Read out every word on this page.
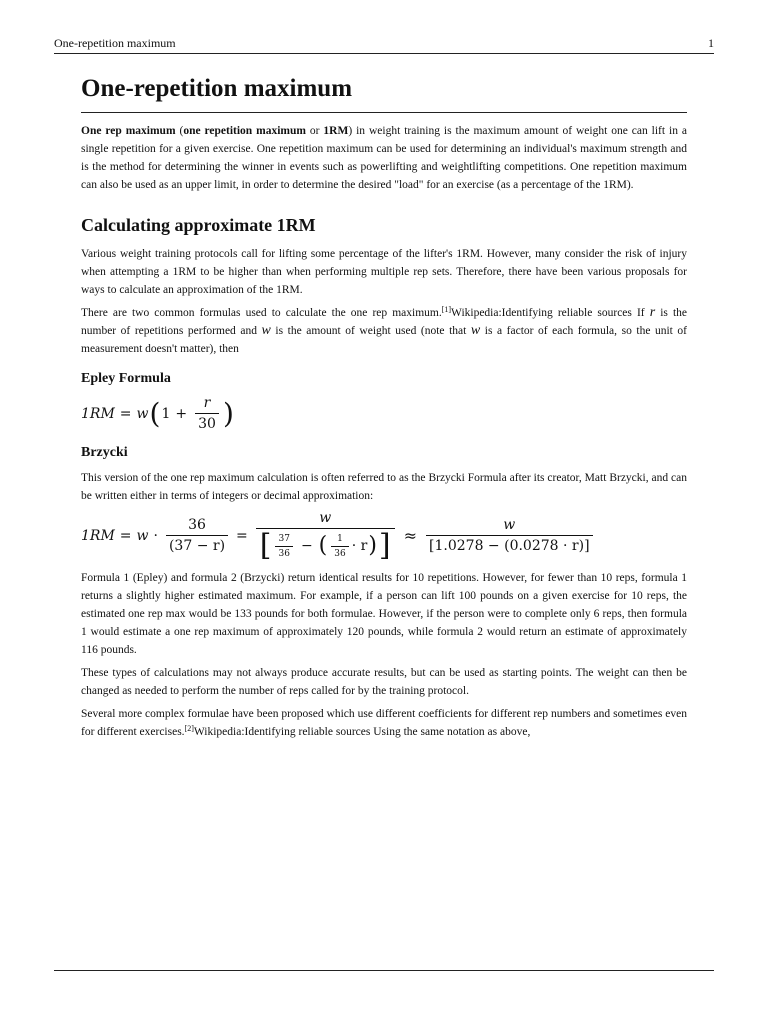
One-repetition maximum	1
One-repetition maximum

One rep maximum (one repetition maximum or 1RM) in weight training is the maximum amount of weight one can lift in a single repetition for a given exercise. One repetition maximum can be used for determining an individual's maximum strength and is the method for determining the winner in events such as powerlifting and weightlifting competitions. One repetition maximum can also be used as an upper limit, in order to determine the desired "load" for an exercise (as a percentage of the 1RM).

Calculating approximate 1RM

Various weight training protocols call for lifting some percentage of the lifter's 1RM. However, many consider the risk of injury when attempting a 1RM to be higher than when performing multiple rep sets. Therefore, there have been various proposals for ways to calculate an approximation of the 1RM.

There are two common formulas used to calculate the one rep maximum.[1]Wikipedia:Identifying reliable sources If r is the number of repetitions performed and w is the amount of weight used (note that w is a factor of each formula, so the unit of measurement doesn't matter), then

Epley Formula
1RM = w ( $1 + \frac{r}{30}$ )
Brzycki

This version of the one rep maximum calculation is often referred to as the Brzycki Formula after its creator, Matt Brzycki, and can be written either in terms of integers or decimal approximation:

$1RM = w \cdot \frac{36}{(37 - r)}$ =
w
[ $\frac{37}{36}$ − ( $\frac{1}{36} \cdot r$ ) ] ≈ $\frac{w}{[1.0278 - (0.0278 \cdot r)]}$

Formula 1 (Epley) and formula 2 (Brzycki) return identical results for 10 repetitions. However, for fewer than 10 reps, formula 1 returns a slightly higher estimated maximum. For example, if a person can lift 100 pounds on a given exercise for 10 reps, the estimated one rep max would be 133 pounds for both formulae. However, if the person were to complete only 6 reps, then formula 1 would estimate a one rep maximum of approximately 120 pounds, while formula 2 would return an estimate of approximately 116 pounds.

These types of calculations may not always produce accurate results, but can be used as starting points. The weight can then be changed as needed to perform the number of reps called for by the training protocol.

Several more complex formulae have been proposed which use different coefficients for different rep numbers and sometimes even for different exercises.[2]Wikipedia:Identifying reliable sources Using the same notation as above,
